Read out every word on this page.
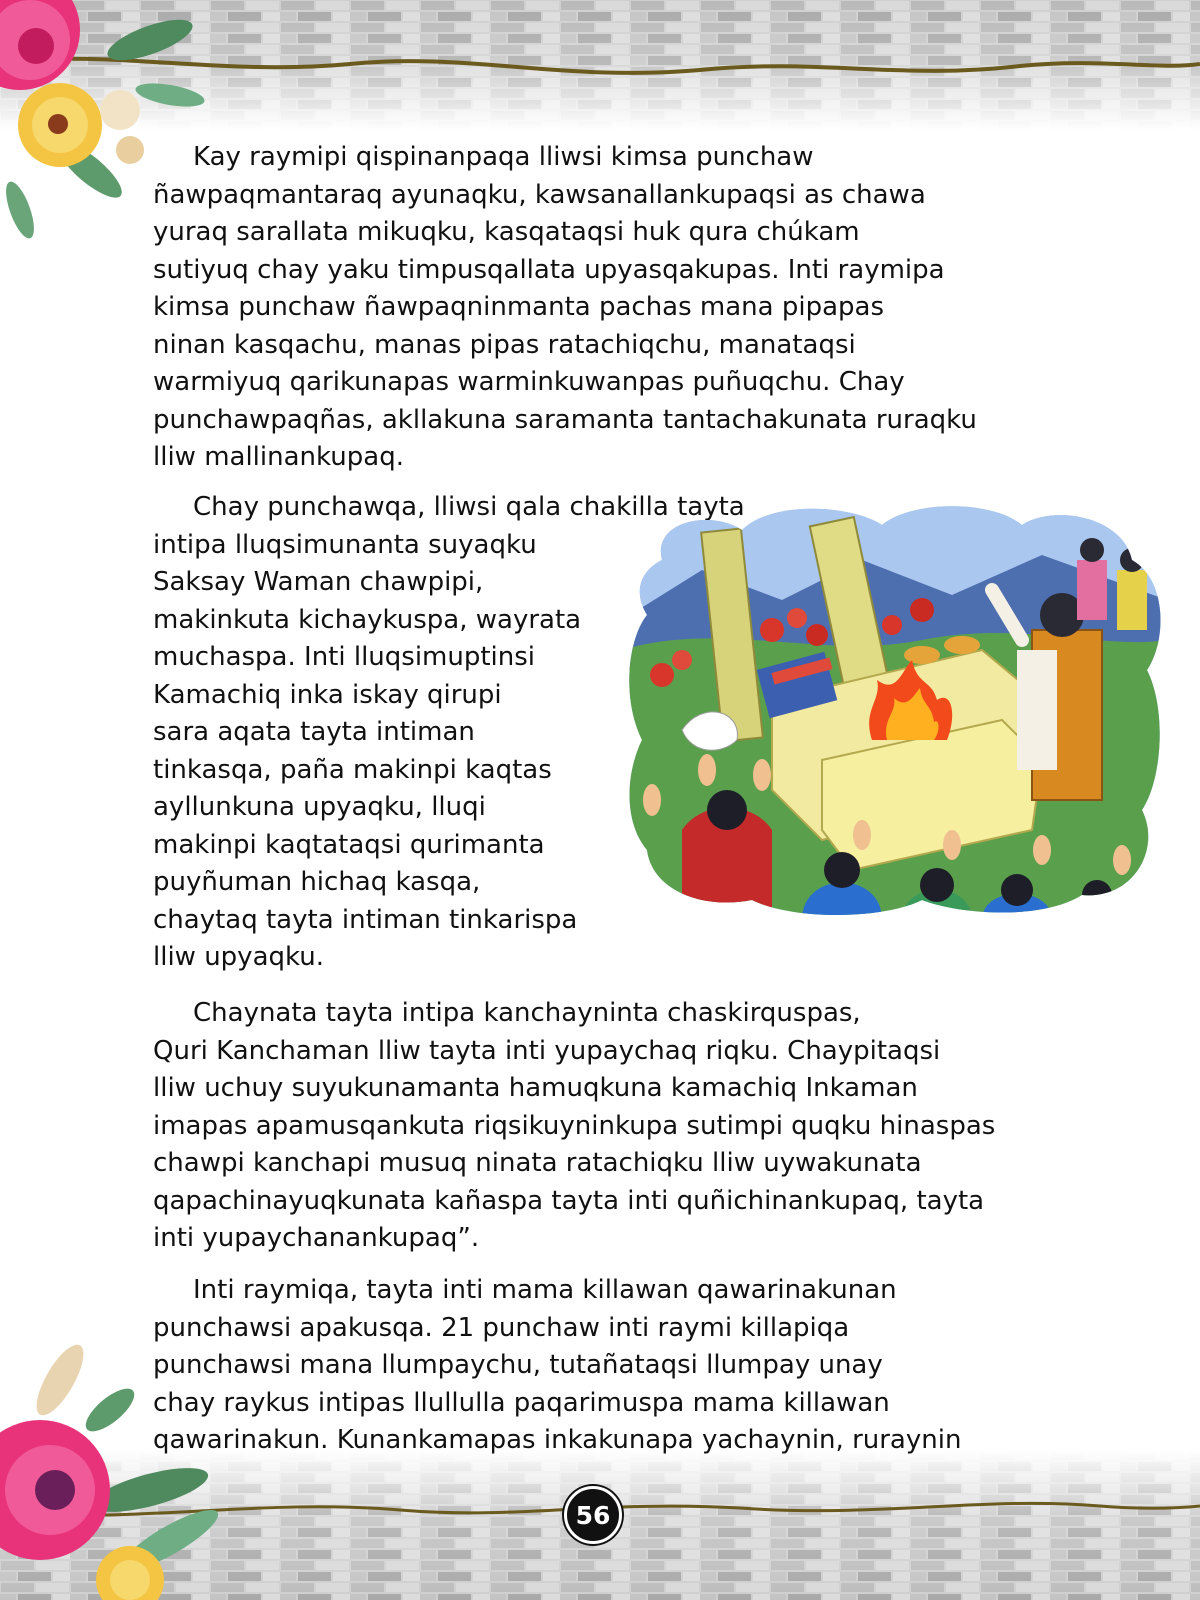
Kay raymipi qispinanpaqa lliwsi kimsa punchaw
ñawpaqmantaraq ayunaqku, kawsanallankupaqsi as chawa
yuraq sarallata mikuqku, kasqataqsi huk qura chúkam
sutiyuq chay yaku timpusqallata upyasqakupas. Inti raymipa
kimsa punchaw ñawpaqninmanta pachas mana pipapas
ninan kasqachu, manas pipas ratachiqchu, manataqsi
warmiyuq qarikunapas warminkuwanpas puñuqchu. Chay
punchawpaqñas, akllakuna saramanta tantachakunata ruraqku
lliw mallinankupaq.
Chay punchawqa, lliwsi qala chakilla tayta
intipa lluqsimunanta suyaqku
Saksay Waman chawpipi,
makinkuta kichaykuspa, wayrata
muchaspa. Inti lluqsimuptinsi
Kamachiq inka iskay qirupi
sara aqata tayta intiman
tinkasqa, paña makinpi kaqtas
ayllunkuna upyaqku, lluqi
makinpi kaqtataqsi qurimanta
puyñuman hichaq kasqa,
chaytaq tayta intiman tinkarispa
lliw upyaqku.
Chaynata tayta intipa kanchayninta chaskirquspas,
Quri Kanchaman lliw tayta inti yupaychaq riqku. Chaypitaqsi
lliw uchuy suyukunamanta hamuqkuna kamachiq Inkaman
imapas apamusqankuta riqsikuyninkupa sutimpi quqku hinaspas
chawpi kanchapi musuq ninata ratachiqku lliw uywakunata
qapachinayuqkunata kañaspa tayta inti quñichinankupaq, tayta
inti yupaychanankupaq”.
Inti raymiqa, tayta inti mama killawan qawarinakunan
punchawsi apakusqa. 21 punchaw inti raymi killapiqa
punchawsi mana llumpaychu, tutañataqsi llumpay unay
chay raykus intipas llullulla paqarimuspa mama killawan
qawarinakun. Kunankamapas inkakunapa yachaynin, ruraynin
56
